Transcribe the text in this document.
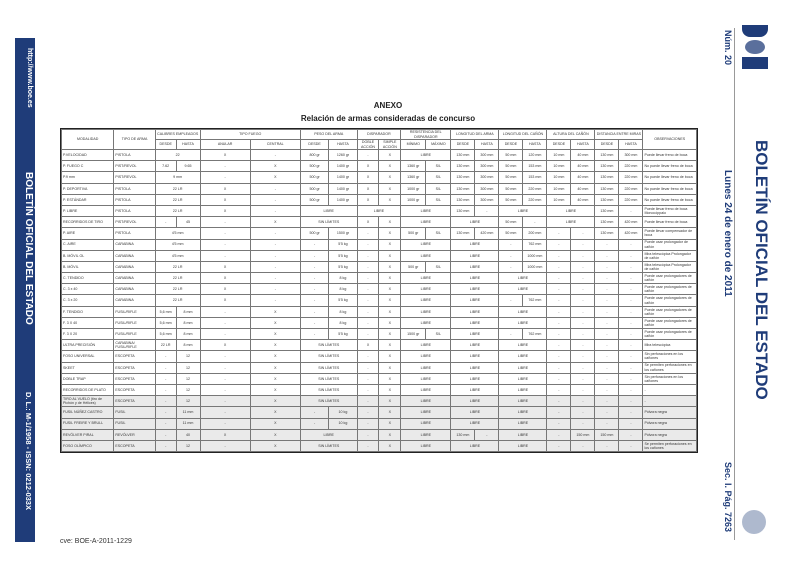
http://www.boe.es
BOLETÍN OFICIAL DEL ESTADO
D. L.: M-1/1958 - ISSN: 0212-033X
Núm. 20
BOLETÍN OFICIAL DEL ESTADO
Lunes 24 de enero de 2011
Sec. I. Pág. 7263
ANEXO
Relación de armas consideradas de concurso
MODALIDAD	TIPO DE ARMA	CALIBRES EMPLEADOS		TIPO FUEGO		PESO DEL ARMA		DISPARADOR		RESISTENCIA DEL DISPARADOR		LONGITUD DEL ARMA		LONGITUD DEL CAÑÓN		ALTURA DEL CAÑÓN		DISTANCIA ENTRE MIRAS		OBSERVACIONES
		DESDE	HASTA	ANULAR	CENTRAL	DESDE	HASTA	DOBLE ACCIÓN	SIMPLE ACCIÓN	MÍNIMO	MÁXIMO	DESDE	HASTA	DESDE	HASTA	DESDE	HASTA	DESDE	HASTA	
P.VELOCIDAD	PISTOLA	22		X	-	800 gr	1260 gr	-	X	LIBRE		130 mm	300 mm	50 mm	120 mm	10 mm	40 mm	130 mm	300 mm	Puede llevar freno de boca
P. FUEGO C	PIST/REVOL	7.62	9.65	-	X	500 gr	1400 gr	X	X	1360 gr	S/L	130 mm	300 mm	50 mm	153 mm	10 mm	40 mm	130 mm	220 mm	No puede llevar freno de boca
P.9 mm	PIST/REVOL	9 mm		-	X	500 gr	1400 gr	X	X	1360 gr	S/L	130 mm	300 mm	50 mm	153 mm	10 mm	40 mm	130 mm	220 mm	No puede llevar freno de boca
P. DEPORTIVA	PISTOLA	22 LR		X	-	500 gr	1400 gr	X	X	1000 gr	S/L	130 mm	300 mm	50 mm	220 mm	10 mm	40 mm	130 mm	220 mm	No puede llevar freno de boca
P. ESTÁNDAR	PISTOLA	22 LR		X	-	500 gr	1400 gr	X	X	1000 gr	S/L	130 mm	300 mm	50 mm	220 mm	10 mm	40 mm	130 mm	220 mm	No puede llevar freno de boca
P. LIBRE	PISTOLA	22 LR		X	-	LIBRE		LIBRE		LIBRE		130 mm	-	LIBRE		LIBRE		130 mm	-	Puede llevar freno de boca Monocóppaio
RECORRIDOS DE TIRO	PIST/REVOL	-	45	-	X	SIN LÍMITES		X	X	LIBRE		LIBRE		50 mm	-	LIBRE		130 mm	420 mm	Puede llevar freno de boca
P. AIRE	PISTOLA	4'5 mm		-	-	500 gr	1500 gr	-	X	500 gr	S/L	130 mm	420 mm	50 mm	200 mm	-	-	130 mm	420 mm	Puede llevar compensador de boca
C. AIRE	CARABINA	4'5 mm		-	-	-	5'5 kg	-	X	LIBRE		LIBRE		-	762 mm	-	-	-	-	Puede usar prolongador de cañón
B. MÓVIL OL	CARABINA	4'5 mm		-	-	-	5'5 kg	-	X	LIBRE		LIBRE		-	1000 mm	-	-	-	-	Mira telescópica Prolongador de cañón
B. MÓVIL	CARABINA	22 LR		X	-	-	5'5 kg	-	X	500 gr	S/L	LIBRE		-	1000 mm	-	-	-	-	Mira telescópica Prolongador de cañón
C. TENDIDO	CARABINA	22 LR		X	-	-	8 kg	-	X	LIBRE		LIBRE		LIBRE		-	-	-	-	Puede usar prolongadores de cañón
C. 3 x 40	CARABINA	22 LR		X	-	-	8 kg	-	X	LIBRE		LIBRE		LIBRE		-	-	-	-	Puede usar prolongadores de cañón
C. 3 x 20	CARABINA	22 LR		X	-	-	5'5 kg	-	X	LIBRE		LIBRE		-	762 mm	-	-	-	-	Puede usar prolongadores de cañón
F. TENDIDO	FUSIL/RIFLE	5,6 mm	8 mm	-	X	-	8 kg	-	X	LIBRE		LIBRE		LIBRE		-	-	-	-	Puede usar prolongadores de cañón
F. 3 X 40	FUSIL/RIFLE	5,6 mm	8 mm	-	X	-	8 kg	-	X	LIBRE		LIBRE		LIBRE		-	-	-	-	Puede usar prolongadores de cañón
F. 3 X 20	FUSIL/RIFLE	5,6 mm	8 mm	-	X	-	5'5 kg	-	X	1500 gr	S/L	LIBRE		-	762 mm	-	-	-	-	Puede usar prolongadores de cañón
ULTRA PRECISIÓN	CARABINA/ FUSIL/RIFLE	22 LR	8 mm	X	X	SIN LÍMITES		X	X	LIBRE		LIBRE		LIBRE		-	-	-	-	Mira telescópica
FOSO UNIVERSAL	ESCOPETA	-	12	-	X	SIN LÍMITES		-	X	LIBRE		LIBRE		LIBRE		-	-	-	-	Sin perforaciones en los cañones
SKEET	ESCOPETA	-	12	-	X	SIN LÍMITES		-	X	LIBRE		LIBRE		LIBRE		-	-	-	-	Se permiten perforaciones en los cañones
DOBLE TRAP	ESCOPETA	-	12	-	X	SIN LÍMITES		-	X	LIBRE		LIBRE		LIBRE		-	-	-	-	Sin perforaciones en los cañones
RECORRIDOS DE PLATO	ESCOPETA	-	12	-	X	SIN LÍMITES		-	X	LIBRE		LIBRE		LIBRE		-	-	-	-	-
TIRO AL VUELO (tiro de Pichón y de Hélices)	ESCOPETA	-	12	-	X	SIN LÍMITES		-	X	LIBRE		LIBRE		LIBRE		-	-	-	-	-
FUSIL NÚÑEZ CASTRO	FUSIL	-	11 mm	-	X	-	10 kg	-	X	LIBRE		LIBRE		LIBRE		-	-	-	-	Pólvora negra
FUSIL FREIRE Y BRULL	FUSIL	-	11 mm	-	X	-	10 kg	-	X	LIBRE		LIBRE		LIBRE		-	-	-	-	Pólvora negra
REVÓLVER PIRAL	REVÓLVER	-	40	X	X	LIBRE		-	X	LIBRE		130 mm	-	LIBRE		-	150 mm	150 mm	-	Pólvora negra
FOSO OLÍMPICO	ESCOPETA	-	12	-	X	SIN LÍMITES		-	X	LIBRE		LIBRE		LIBRE		-	-	-	-	Se permiten perforaciones en los cañones
cve: BOE-A-2011-1229
